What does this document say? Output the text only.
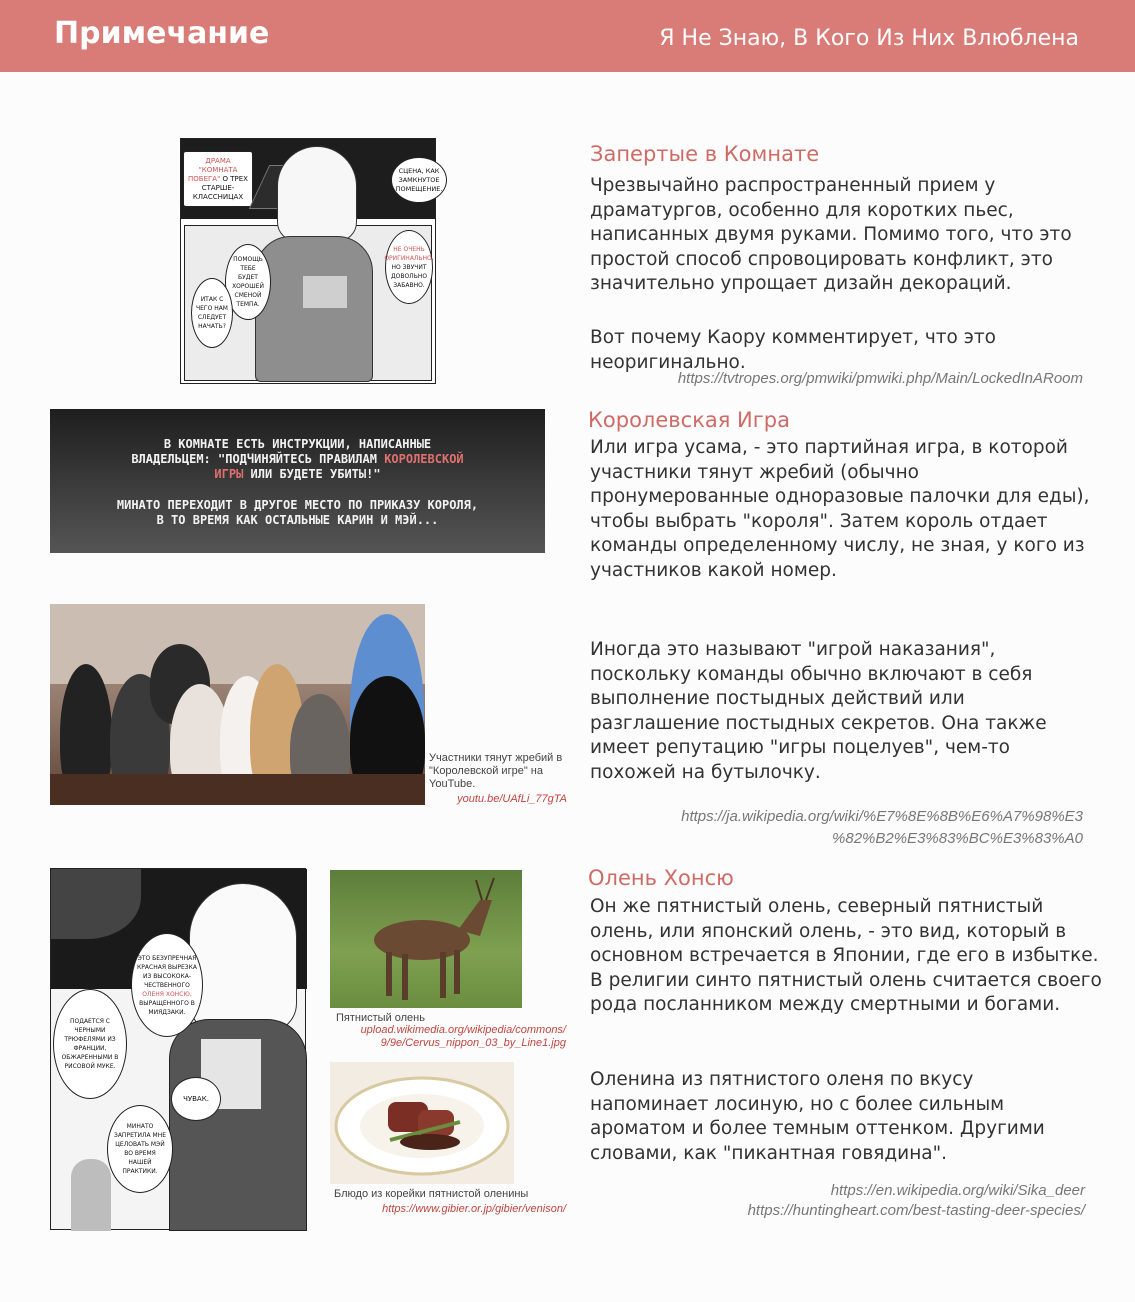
Примечание	Я Не Знаю, В Кого Из Них Влюблена
ДРАМА "КОМНАТА ПОБЕГА" О ТРЕХ СТАРШЕ- КЛАССНИЦАХ
СЦЕНА, КАК ЗАМКНУТОЕ ПОМЕЩЕНИЕ.
НЕ ОЧЕНЬ ОРИГИНАЛЬНО, НО ЗВУЧИТ ДОВОЛЬНО ЗАБАВНО.
ПОМОЩЬ ТЕБЕ БУДЕТ ХОРОШЕЙ СМЕНОЙ ТЕМПА.
ИТАК С ЧЕГО НАМ СЛЕДУЕТ НАЧАТЬ?
Запертые в Комнате
Чрезвычайно распространенный прием у драматургов, особенно для коротких пьес, написанных двумя руками. Помимо того, что это простой способ спровоцировать конфликт, это значительно упрощает дизайн декораций.
Вот почему Каору комментирует, что это неоригинально.
https://tvtropes.org/pmwiki/pmwiki.php/Main/LockedInARoom
В КОМНАТЕ ЕСТЬ ИНСТРУКЦИИ, НАПИСАННЫЕ
ВЛАДЕЛЬЦЕМ: "ПОДЧИНЯЙТЕСЬ ПРАВИЛАМ КОРОЛЕВСКОЙ
ИГРЫ ИЛИ БУДЕТЕ УБИТЫ!"
МИНАТО ПЕРЕХОДИТ В ДРУГОЕ МЕСТО ПО ПРИКАЗУ КОРОЛЯ,
В ТО ВРЕМЯ КАК ОСТАЛЬНЫЕ КАРИН И МЭЙ...
Королевская Игра
Или игра усама, - это партийная игра, в которой участники тянут жребий (обычно пронумерованные одноразовые палочки для еды), чтобы выбрать "короля". Затем король отдает команды определенному числу, не зная, у кого из участников какой номер.
Участники тянут жребий в "Королевской игре" на YouTube.
youtu.be/UAfLi_77gTA
Иногда это называют "игрой наказания", поскольку команды обычно включают в себя выполнение постыдных действий или разглашение постыдных секретов. Она также имеет репутацию "игры поцелуев", чем-то похожей на бутылочку.
https://ja.wikipedia.org/wiki/%E7%8E%8B%E6%A7%98%E3
%82%B2%E3%83%BC%E3%83%A0
ЭТО БЕЗУПРЕЧНАЯ КРАСНАЯ ВЫРЕЗКА ИЗ ВЫСОКОКА- ЧЕСТВЕННОГО ОЛЕНЯ ХОНСЮ, ВЫРАЩЕННОГО В МИЯДЗАКИ.
ПОДАЕТСЯ С ЧЕРНЫМИ ТРЮФЕЛЯМИ ИЗ ФРАНЦИИ, ОБЖАРЕННЫМИ В РИСОВОЙ МУКЕ.
ЧУВАК.
МИНАТО ЗАПРЕТИЛА МНЕ ЦЕЛОВАТЬ МЭЙ ВО ВРЕМЯ НАШЕЙ ПРАКТИКИ.
Пятнистый олень
upload.wikimedia.org/wikipedia/commons/
9/9e/Cervus_nippon_03_by_Line1.jpg
Блюдо из корейки пятнистой оленины
https://www.gibier.or.jp/gibier/venison/
Олень Хонсю
Он же пятнистый олень, северный пятнистый олень, или японский олень, - это вид, который в основном встречается в Японии, где его в избытке. В религии синто пятнистый олень считается своего рода посланником между смертными и богами.
Оленина из пятнистого оленя по вкусу напоминает лосиную, но с более сильным ароматом и более темным оттенком. Другими словами, как "пикантная говядина".
https://en.wikipedia.org/wiki/Sika_deer
https://huntingheart.com/best-tasting-deer-species/
